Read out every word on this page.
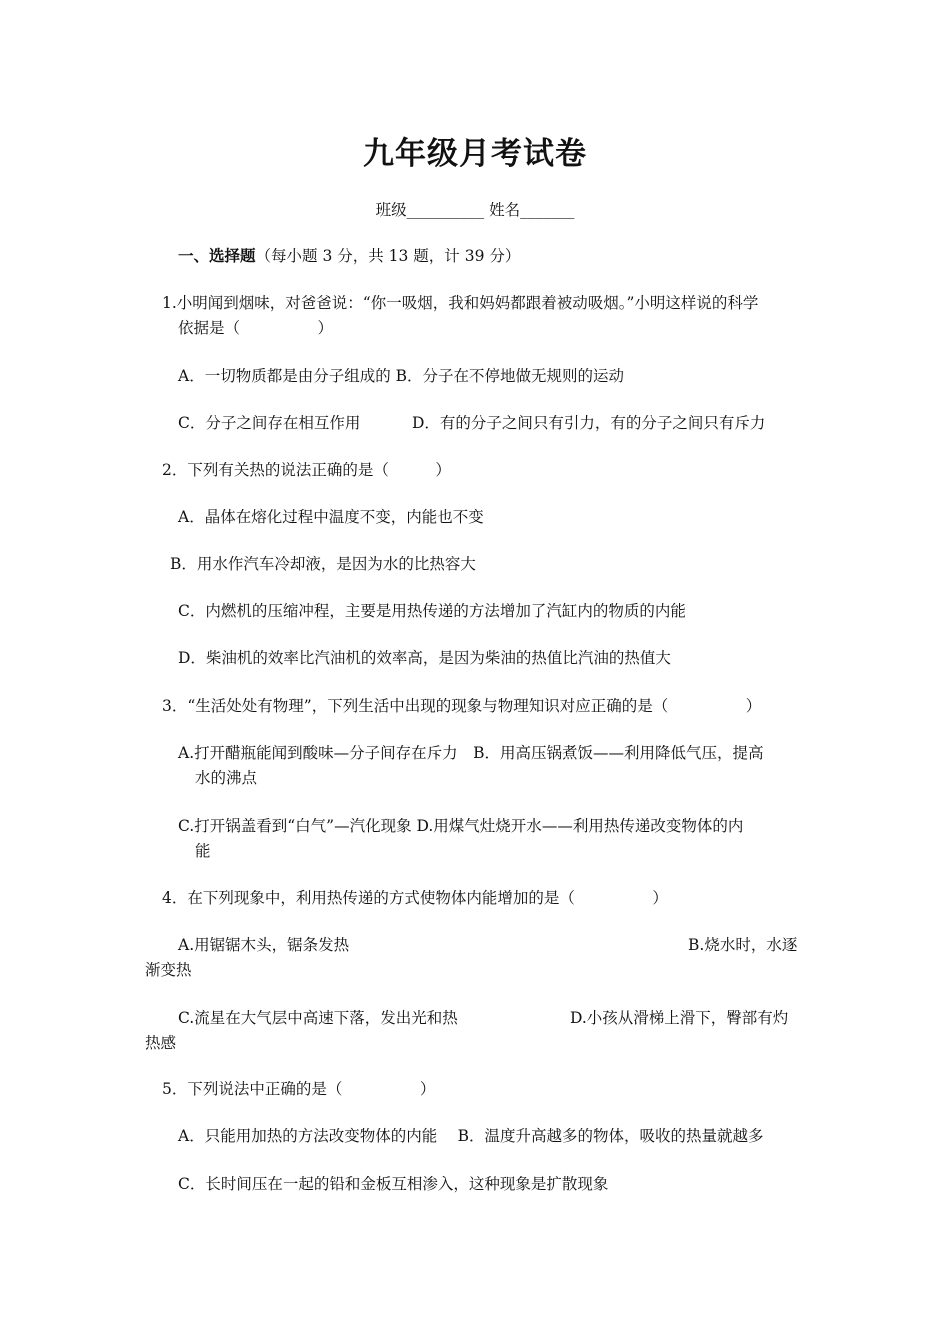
九年级月考试卷
班级__________ 姓名_______
一、选择题（每小题 3 分，共 13 题，计 39 分）
1.小明闻到烟味，对爸爸说：“你一吸烟，我和妈妈都跟着被动吸烟。”小明这样说的科学
依据是（　　　　　）
A．一切物质都是由分子组成的 B．分子在不停地做无规则的运动
C．分子之间存在相互作用	D．有的分子之间只有引力，有的分子之间只有斥力
2．下列有关热的说法正确的是（　　　）
A．晶体在熔化过程中温度不变，内能也不变
B．用水作汽车冷却液，是因为水的比热容大
C．内燃机的压缩冲程，主要是用热传递的方法增加了汽缸内的物质的内能
D．柴油机的效率比汽油机的效率高，是因为柴油的热值比汽油的热值大
3．“生活处处有物理”，下列生活中出现的现象与物理知识对应正确的是（　　　　　）
A.打开醋瓶能闻到酸味—分子间存在斥力　B．用高压锅煮饭——利用降低气压，提高
水的沸点
C.打开锅盖看到“白气”—汽化现象 D.用煤气灶烧开水——利用热传递改变物体的内
能
4．在下列现象中，利用热传递的方式使物体内能增加的是（　　　　　）
A.用锯锯木头，锯条发热	B.烧水时，水逐
渐变热
C.流星在大气层中高速下落，发出光和热	D.小孩从滑梯上滑下，臀部有灼
热感
5．下列说法中正确的是（　　　　　）
A．只能用加热的方法改变物体的内能　 B．温度升高越多的物体，吸收的热量就越多
C．长时间压在一起的铅和金板互相渗入，这种现象是扩散现象
